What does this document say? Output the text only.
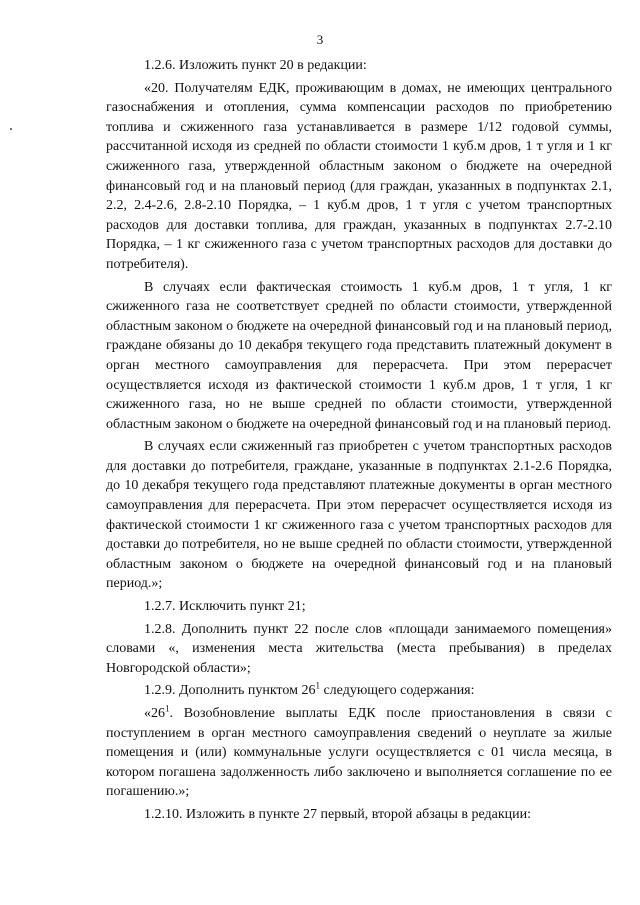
3

1.2.6. Изложить пункт 20 в редакции:

«20. Получателям ЕДК, проживающим в домах, не имеющих центрального газоснабжения и отопления, сумма компенсации расходов по приобретению топлива и сжиженного газа устанавливается в размере 1/12 годовой суммы, рассчитанной исходя из средней по области стоимости 1 куб.м дров, 1 т угля и 1 кг сжиженного газа, утвержденной областным законом о бюджете на очередной финансовый год и на плановый период (для граждан, указанных в подпунктах 2.1, 2.2, 2.4-2.6, 2.8-2.10 Порядка, – 1 куб.м дров, 1 т угля с учетом транспортных расходов для доставки топлива, для граждан, указанных в подпунктах 2.7-2.10 Порядка, – 1 кг сжиженного газа с учетом транспортных расходов для доставки до потребителя).

В случаях если фактическая стоимость 1 куб.м дров, 1 т угля, 1 кг сжиженного газа не соответствует средней по области стоимости, утвержденной областным законом о бюджете на очередной финансовый год и на плановый период, граждане обязаны до 10 декабря текущего года представить платежный документ в орган местного самоуправления для перерасчета. При этом перерасчет осуществляется исходя из фактической стоимости 1 куб.м дров, 1 т угля, 1 кг сжиженного газа, но не выше средней по области стоимости, утвержденной областным законом о бюджете на очередной финансовый год и на плановый период.

В случаях если сжиженный газ приобретен с учетом транспортных расходов для доставки до потребителя, граждане, указанные в подпунктах 2.1-2.6 Порядка, до 10 декабря текущего года представляют платежные документы в орган местного самоуправления для перерасчета. При этом перерасчет осуществляется исходя из фактической стоимости 1 кг сжиженного газа с учетом транспортных расходов для доставки до потребителя, но не выше средней по области стоимости, утвержденной областным законом о бюджете на очередной финансовый год и на плановый период.»;

1.2.7. Исключить пункт 21;

1.2.8. Дополнить пункт 22 после слов «площади занимаемого помещения» словами «, изменения места жительства (места пребывания) в пределах Новгородской области»;

1.2.9. Дополнить пунктом $26^1$ следующего содержания:

«$26^1$. Возобновление выплаты ЕДК после приостановления в связи с поступлением в орган местного самоуправления сведений о неуплате за жилые помещения и (или) коммунальные услуги осуществляется с 01 числа месяца, в котором погашена задолженность либо заключено и выполняется соглашение по ее погашению.»;

1.2.10. Изложить в пункте 27 первый, второй абзацы в редакции:
